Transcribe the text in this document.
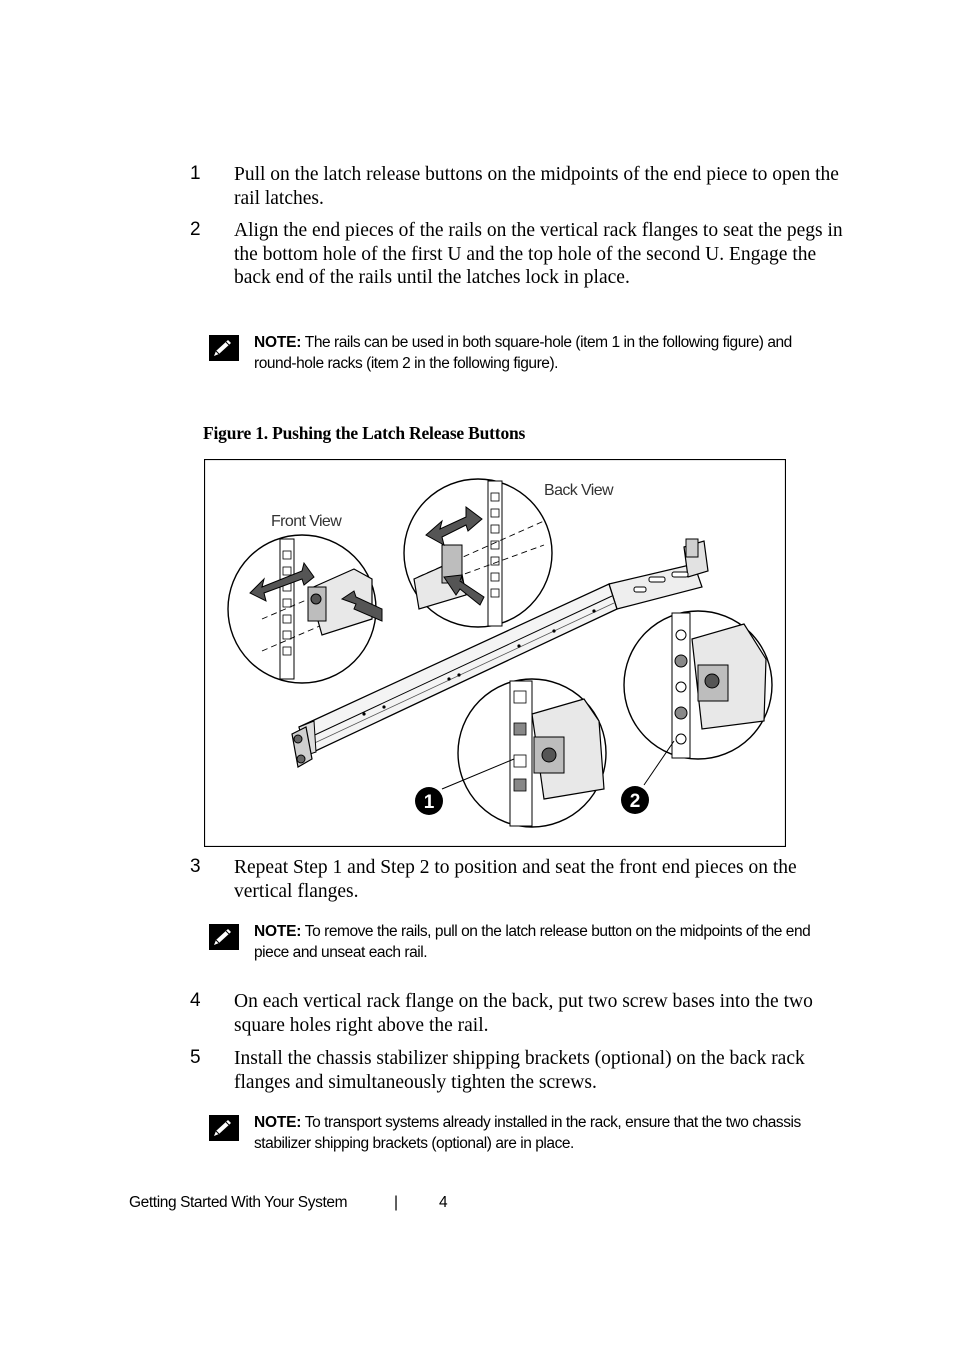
1 Pull on the latch release buttons on the midpoints of the end piece to open the rail latches.
2 Align the end pieces of the rails on the vertical rack flanges to seat the pegs in the bottom hole of the first U and the top hole of the second U. Engage the back end of the rails until the latches lock in place.
NOTE: The rails can be used in both square-hole (item 1 in the following figure) and round-hole racks (item 2 in the following figure).
Figure 1. Pushing the Latch Release Buttons
1	2
Front View
Back View
3 Repeat Step 1 and Step 2 to position and seat the front end pieces on the vertical flanges.
NOTE: To remove the rails, pull on the latch release button on the midpoints of the end piece and unseat each rail.
4 On each vertical rack flange on the back, put two screw bases into the two square holes right above the rail.
5 Install the chassis stabilizer shipping brackets (optional) on the back rack flanges and simultaneously tighten the screws.
NOTE: To transport systems already installed in the rack, ensure that the two chassis stabilizer shipping brackets (optional) are in place.
Getting Started With Your System	|	4
